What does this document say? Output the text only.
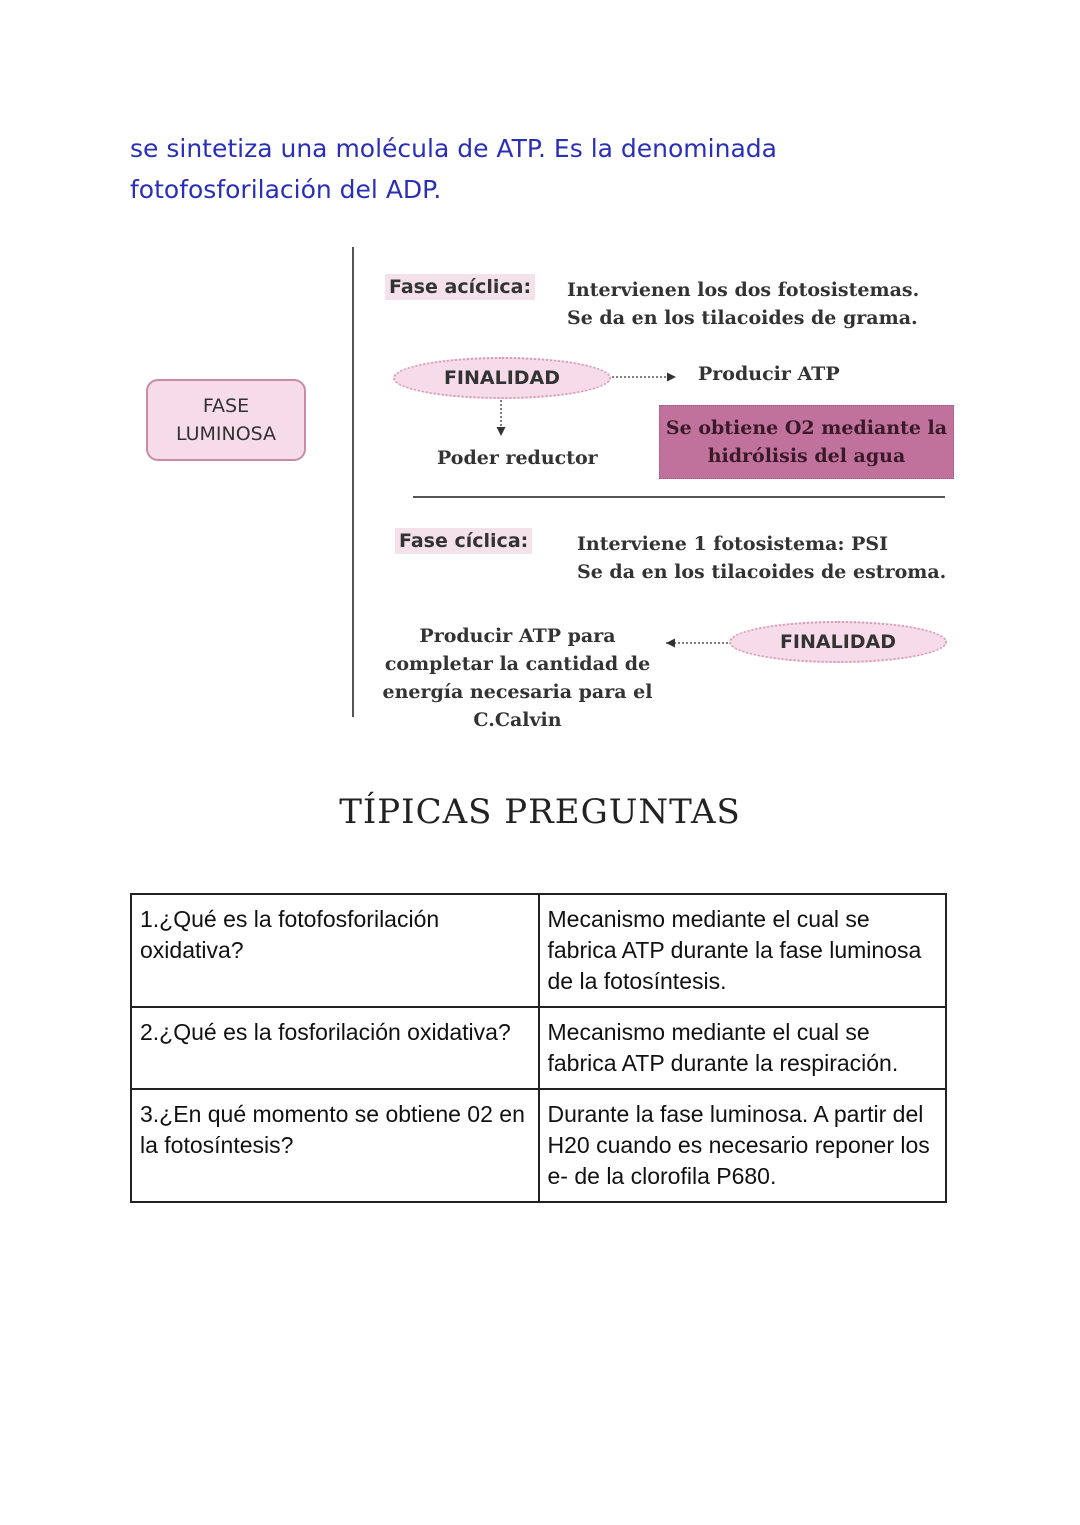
se sintetiza una molécula de ATP. Es la denominada fotofosforilación del ADP.
FASE
LUMINOSA
Fase acíclica: Intervienen los dos fotosistemas.
Se da en los tilacoides de grama.
FINALIDAD	Producir ATP
Poder reductor
Se obtiene O2 mediante la
hidrólisis del agua
Fase cíclica:	Interviene 1 fotosistema: PSI
Se da en los tilacoides de estroma.
Producir ATP para
completar la cantidad de
energía necesaria para el
C.Calvin
FINALIDAD
TÍPICAS PREGUNTAS
1.¿Qué es la fotofosforilación oxidativa?	Mecanismo mediante el cual se fabrica ATP durante la fase luminosa de la fotosíntesis.
2.¿Qué es la fosforilación oxidativa?	Mecanismo mediante el cual se fabrica ATP durante la respiración.
3.¿En qué momento se obtiene 02 en la fotosíntesis?	Durante la fase luminosa. A partir del H20 cuando es necesario reponer los e- de la clorofila P680.
